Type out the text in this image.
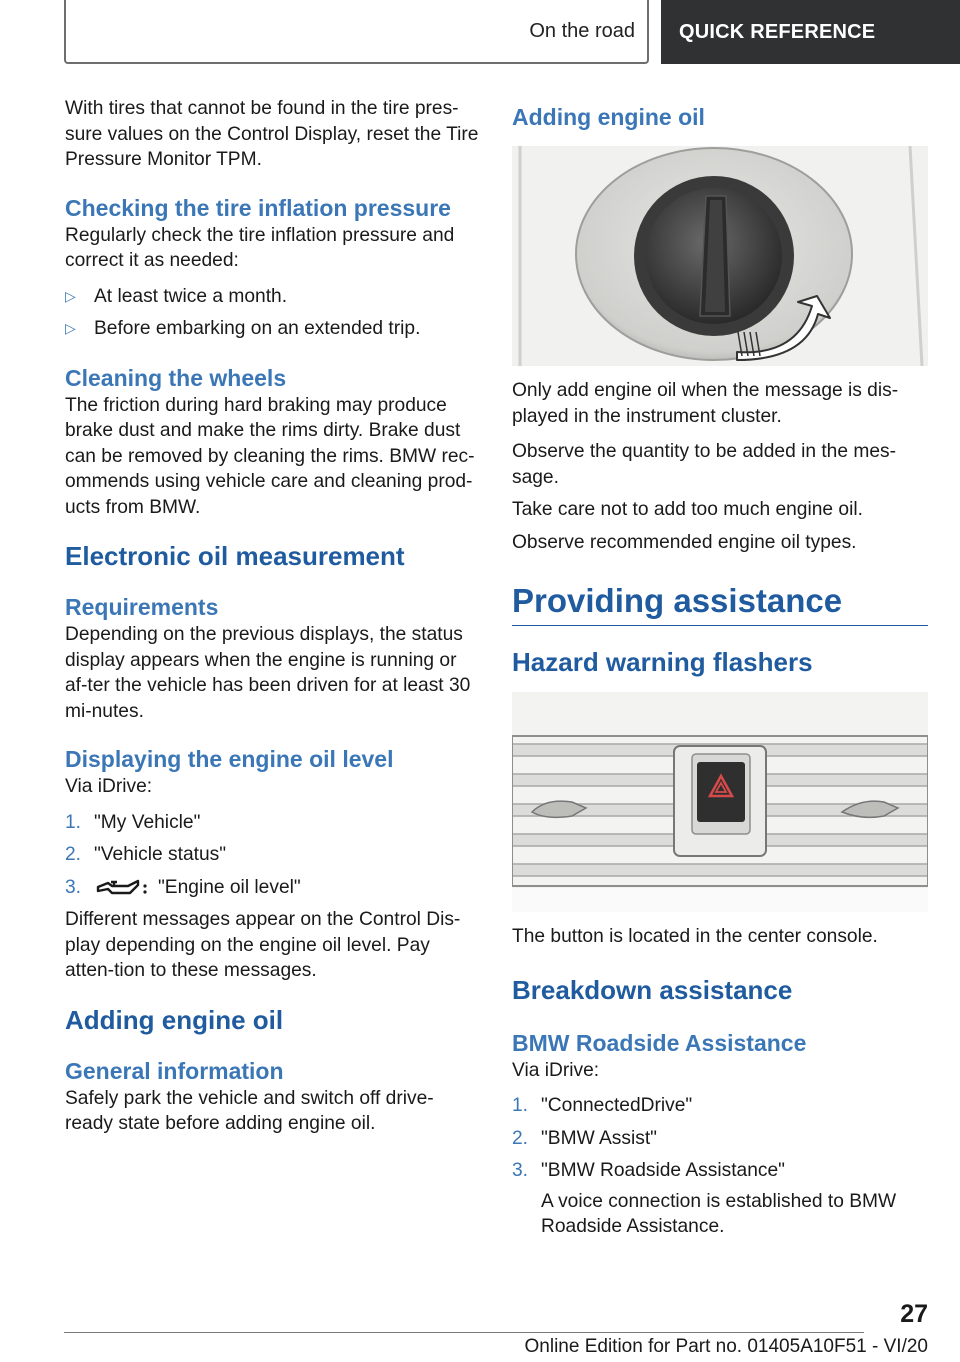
On the road QUICK REFERENCE

With tires that cannot be found in the tire pres-sure values on the Control Display, reset the Tire Pressure Monitor TPM.

Checking the tire inflation pressure

Regularly check the tire inflation pressure and correct it as needed:

▷ At least twice a month.
▷ Before embarking on an extended trip.
Cleaning the wheels

The friction during hard braking may produce brake dust and make the rims dirty. Brake dust can be removed by cleaning the rims. BMW rec-ommends using vehicle care and cleaning prod-ucts from BMW.

Electronic oil measurement
Requirements

Depending on the previous displays, the status display appears when the engine is running or af-ter the vehicle has been driven for at least 30 mi-nutes.

Displaying the engine oil level

Via iDrive:

1. "My Vehicle"
2. "Vehicle status"
3.	"Engine oil level"

Different messages appear on the Control Dis-play depending on the engine oil level. Pay atten-tion to these messages.

Adding engine oil
General information

Safely park the vehicle and switch off drive-ready state before adding engine oil.

Adding engine oil

Only add engine oil when the message is dis-played in the instrument cluster.

Observe the quantity to be added in the mes-sage.

Take care not to add too much engine oil.

Observe recommended engine oil types.

Providing assistance
Hazard warning flashers

The button is located in the center console.

Breakdown assistance
BMW Roadside Assistance

Via iDrive:

1. "ConnectedDrive"
2. "BMW Assist"
3. "BMW Roadside Assistance"

A voice connection is established to BMW Roadside Assistance.

27
Online Edition for Part no. 01405A10F51 - VI/20
